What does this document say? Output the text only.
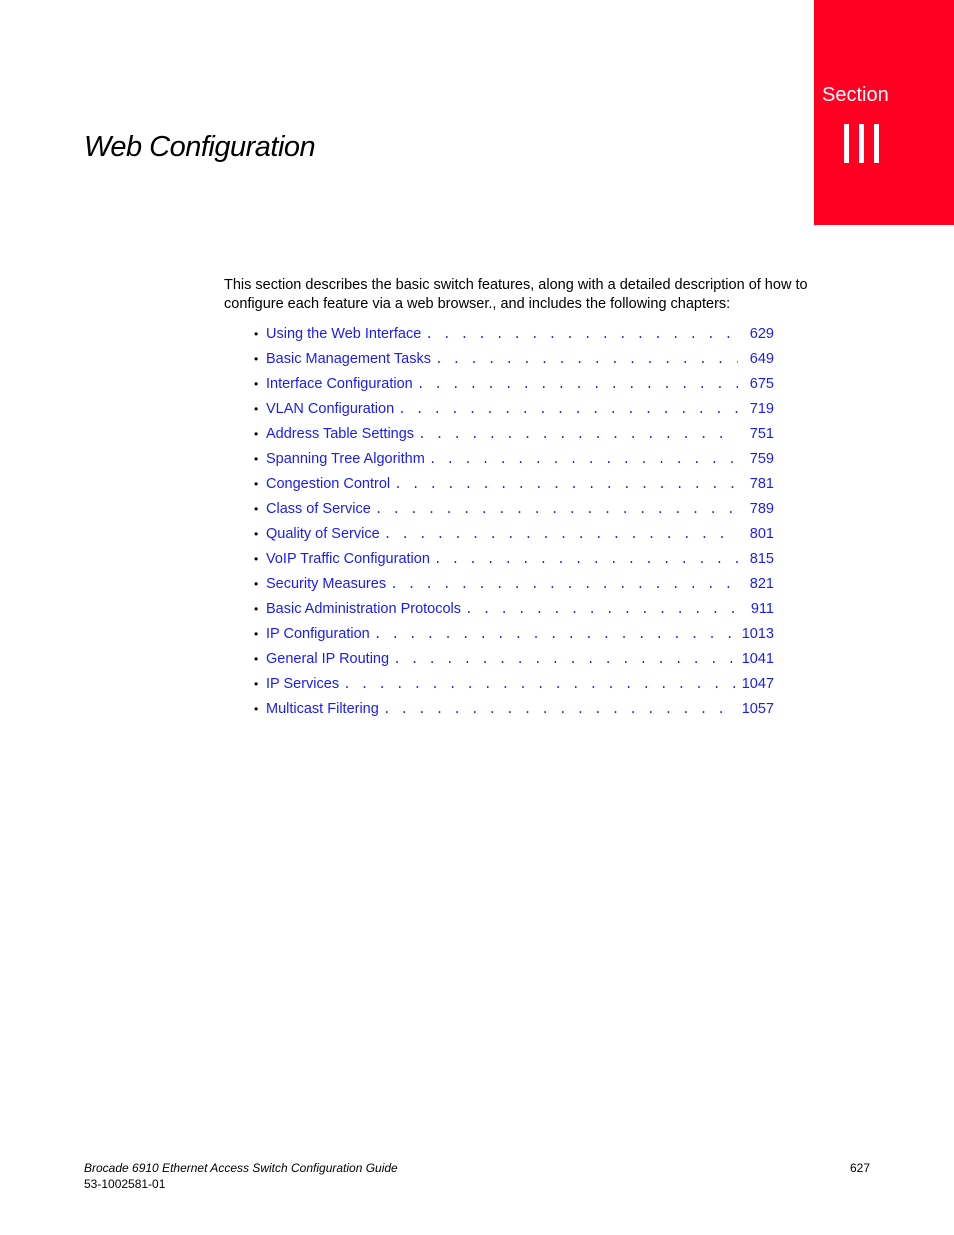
Section
Web Configuration

This section describes the basic switch features, along with a detailed description of how to configure each feature via a web browser., and includes the following chapters:

• Using the Web Interface . . .	629
• Basic Management Tasks . . .	649
• Interface Configuration . . .	675
• VLAN Configuration . . .	719
• Address Table Settings . . .	751
• Spanning Tree Algorithm . . .	759
• Congestion Control . . .	781
• Class of Service . . .	789
• Quality of Service . . .	801
• VoIP Traffic Configuration . . .	815
• Security Measures . . .	821
• Basic Administration Protocols . . .	911
• IP Configuration . . .	1013
• General IP Routing . . .	1041
• IP Services . . .	1047
• Multicast Filtering . . .	1057
Brocade 6910 Ethernet Access Switch Configuration Guide
53-1002581-01
627
